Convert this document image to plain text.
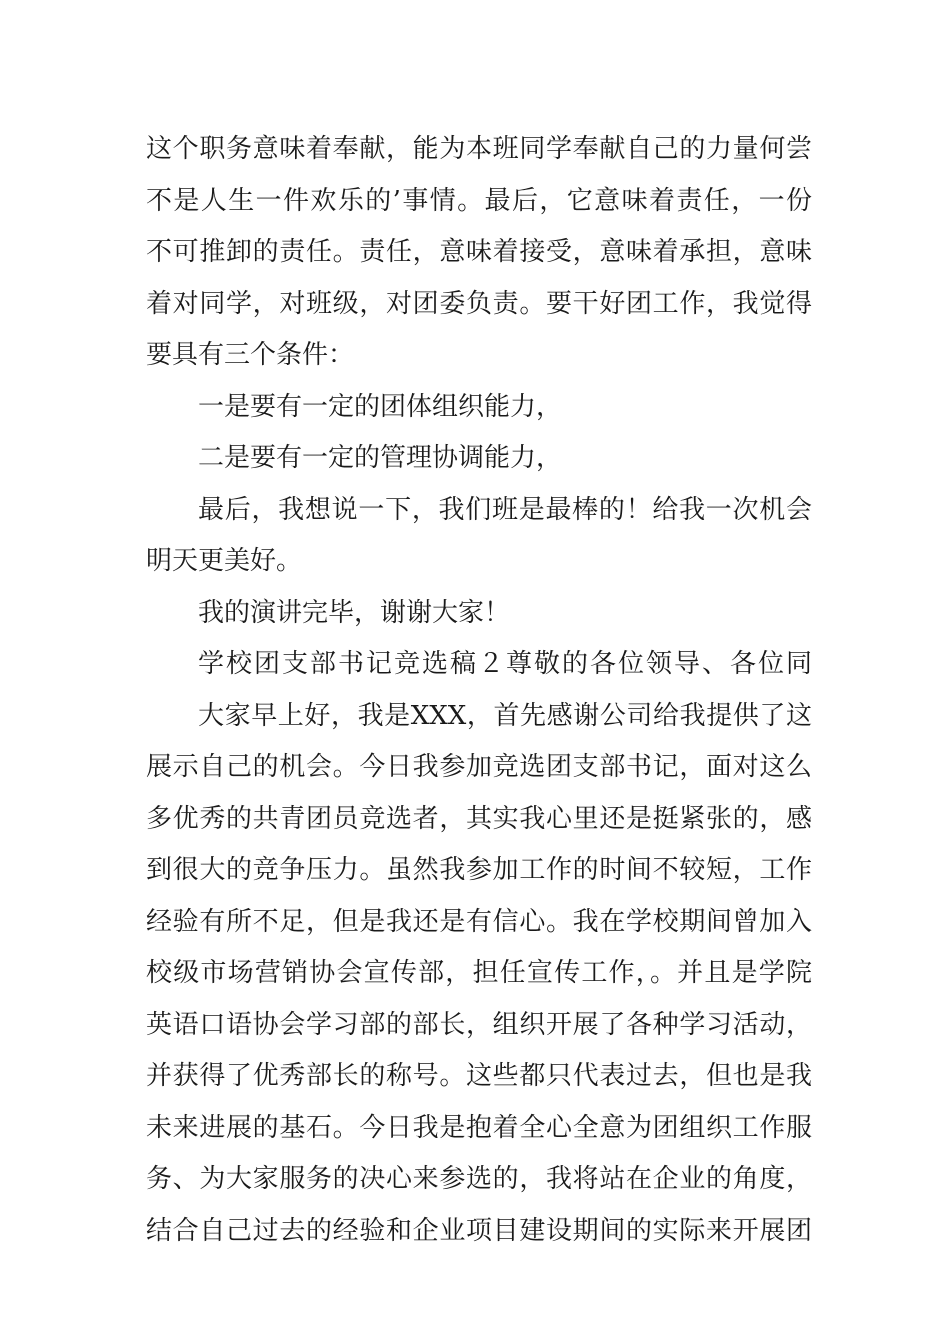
这个职务意味着奉献，能为本班同学奉献自己的力量何尝
不是人生一件欢乐的’事情。最后，它意味着责任，一份
不可推卸的责任。责任，意味着接受，意味着承担，意味
着对同学，对班级，对团委负责。要干好团工作，我觉得
要具有三个条件：
一是要有一定的团体组织能力，
二是要有一定的管理协调能力，
最后，我想说一下，我们班是最棒的！给我一次机会
明天更美好。
我的演讲完毕，谢谢大家！
学校团支部书记竞选稿２尊敬的各位领导、各位同
大家早上好，我是XXX，首先感谢公司给我提供了这
展示自己的机会。今日我参加竞选团支部书记，面对这么
多优秀的共青团员竞选者，其实我心里还是挺紧张的，感
到很大的竞争压力。虽然我参加工作的时间不较短，工作
经验有所不足，但是我还是有信心。我在学校期间曾加入
校级市场营销协会宣传部，担任宣传工作，。并且是学院
英语口语协会学习部的部长，组织开展了各种学习活动，
并获得了优秀部长的称号。这些都只代表过去，但也是我
未来进展的基石。今日我是抱着全心全意为团组织工作服
务、为大家服务的决心来参选的，我将站在企业的角度，
结合自己过去的经验和企业项目建设期间的实际来开展团
